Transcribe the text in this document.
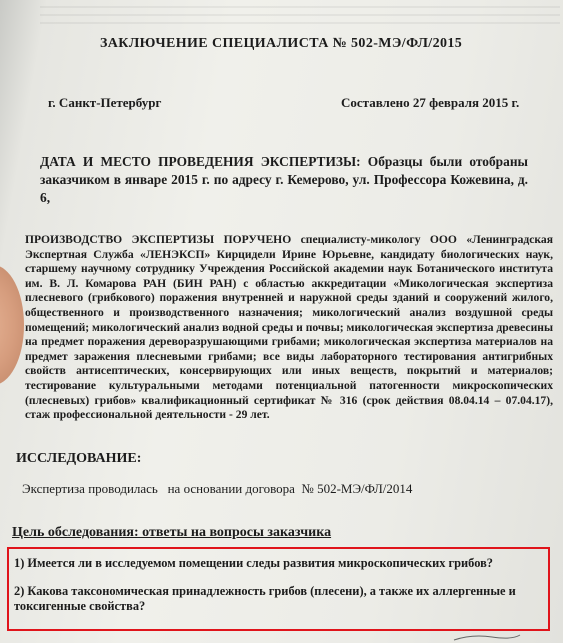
ЗАКЛЮЧЕНИЕ СПЕЦИАЛИСТА № 502-МЭ/ФЛ/2015
г. Санкт-Петербург	Составлено 27 февраля 2015 г.
ДАТА И МЕСТО ПРОВЕДЕНИЯ ЭКСПЕРТИЗЫ: Образцы были отобраны заказчиком в январе 2015 г. по адресу г. Кемерово, ул. Профессора Кожевина, д. 6,
ПРОИЗВОДСТВО ЭКСПЕРТИЗЫ ПОРУЧЕНО специалисту-микологу ООО «Ленинградская Экспертная Служба «ЛЕНЭКСП» Кирцидели Ирине Юрьевне, кандидату биологических наук, старшему научному сотруднику Учреждения Российской академии наук Ботанического института им. В. Л. Комарова РАН (БИН РАН) с областью аккредитации «Микологическая экспертиза плесневого (грибкового) поражения внутренней и наружной среды зданий и сооружений жилого, общественного и производственного назначения; микологический анализ воздушной среды помещений; микологический анализ водной среды и почвы; микологическая экспертиза древесины на предмет поражения дереворазрушающими грибами; микологическая экспертиза материалов на предмет заражения плесневыми грибами; все виды лабораторного тестирования антигрибных свойств антисептических, консервирующих или иных веществ, покрытий и материалов; тестирование культуральными методами потенциальной патогенности микроскопических (плесневых) грибов» квалификационный сертификат № 316 (срок действия 08.04.14 – 07.04.17), стаж профессиональной деятельности - 29 лет.
ИССЛЕДОВАНИЕ:
Экспертиза проводилась   на основании договора  № 502-МЭ/ФЛ/2014
Цель обследования: ответы на вопросы заказчика
1) Имеется ли в исследуемом помещении следы развития микроскопических грибов?
2) Какова таксономическая принадлежность грибов (плесени), а также их аллергенные и токсигенные свойства?
